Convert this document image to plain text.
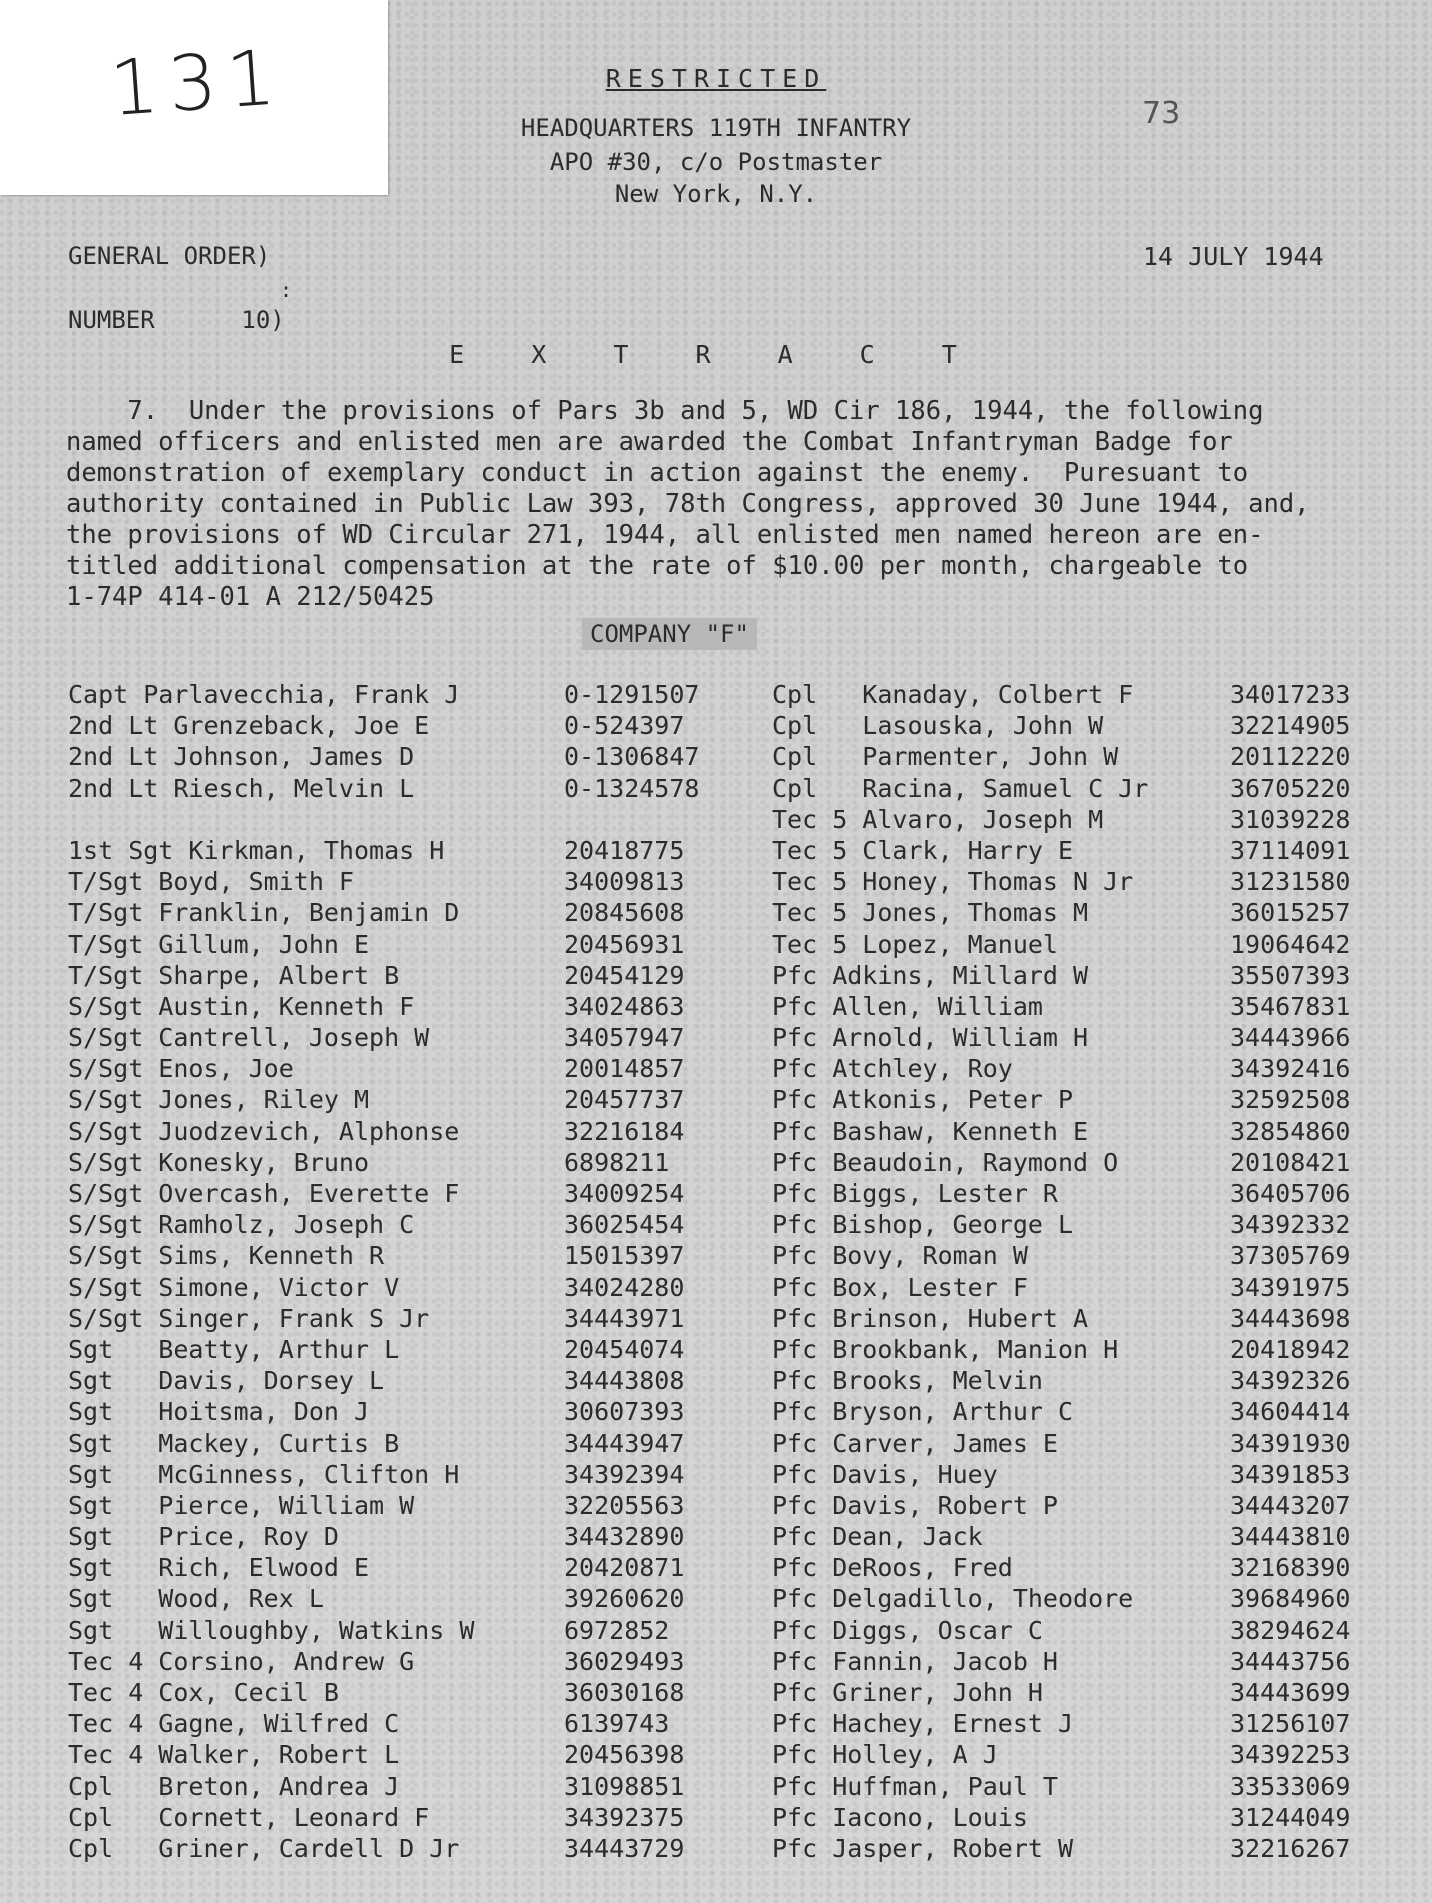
131	73
RESTRICTED
HEADQUARTERS 119TH INFANTRY
APO #30, c/o Postmaster
New York, N.Y.
GENERAL ORDER)
:
NUMBER      10)
14 JULY 1944
E X T R A C T
7.  Under the provisions of Pars 3b and 5, WD Cir 186, 1944, the following
named officers and enlisted men are awarded the Combat Infantryman Badge for
demonstration of exemplary conduct in action against the enemy.  Puresuant to
authority contained in Public Law 393, 78th Congress, approved 30 June 1944, and,
the provisions of WD Circular 271, 1944, all enlisted men named hereon are en-
titled additional compensation at the rate of $10.00 per month, chargeable to
1-74P 414-01 A 212/50425
COMPANY "F"
Capt Parlavecchia, Frank J	0-1291507
2nd Lt Grenzeback, Joe E	0-524397
2nd Lt Johnson, James D	0-1306847
2nd Lt Riesch, Melvin L	0-1324578
1st Sgt Kirkman, Thomas H	20418775
T/Sgt Boyd, Smith F	34009813
T/Sgt Franklin, Benjamin D	20845608
T/Sgt Gillum, John E	20456931
T/Sgt Sharpe, Albert B	20454129
S/Sgt Austin, Kenneth F	34024863
S/Sgt Cantrell, Joseph W	34057947
S/Sgt Enos, Joe	20014857
S/Sgt Jones, Riley M	20457737
S/Sgt Juodzevich, Alphonse	32216184
S/Sgt Konesky, Bruno	6898211
S/Sgt Overcash, Everette F	34009254
S/Sgt Ramholz, Joseph C	36025454
S/Sgt Sims, Kenneth R	15015397
S/Sgt Simone, Victor V	34024280
S/Sgt Singer, Frank S Jr	34443971
Sgt   Beatty, Arthur L	20454074
Sgt   Davis, Dorsey L	34443808
Sgt   Hoitsma, Don J	30607393
Sgt   Mackey, Curtis B	34443947
Sgt   McGinness, Clifton H	34392394
Sgt   Pierce, William W	32205563
Sgt   Price, Roy D	34432890
Sgt   Rich, Elwood E	20420871
Sgt   Wood, Rex L	39260620
Sgt   Willoughby, Watkins W	6972852
Tec 4 Corsino, Andrew G	36029493
Tec 4 Cox, Cecil B	36030168
Tec 4 Gagne, Wilfred C	6139743
Tec 4 Walker, Robert L	20456398
Cpl   Breton, Andrea J	31098851
Cpl   Cornett, Leonard F	34392375
Cpl   Griner, Cardell D Jr	34443729
Cpl   Kanaday, Colbert F	34017233
Cpl   Lasouska, John W	32214905
Cpl   Parmenter, John W	20112220
Cpl   Racina, Samuel C Jr	36705220
Tec 5 Alvaro, Joseph M	31039228
Tec 5 Clark, Harry E	37114091
Tec 5 Honey, Thomas N Jr	31231580
Tec 5 Jones, Thomas M	36015257
Tec 5 Lopez, Manuel	19064642
Pfc Adkins, Millard W	35507393
Pfc Allen, William	35467831
Pfc Arnold, William H	34443966
Pfc Atchley, Roy	34392416
Pfc Atkonis, Peter P	32592508
Pfc Bashaw, Kenneth E	32854860
Pfc Beaudoin, Raymond O	20108421
Pfc Biggs, Lester R	36405706
Pfc Bishop, George L	34392332
Pfc Bovy, Roman W	37305769
Pfc Box, Lester F	34391975
Pfc Brinson, Hubert A	34443698
Pfc Brookbank, Manion H	20418942
Pfc Brooks, Melvin	34392326
Pfc Bryson, Arthur C	34604414
Pfc Carver, James E	34391930
Pfc Davis, Huey	34391853
Pfc Davis, Robert P	34443207
Pfc Dean, Jack	34443810
Pfc DeRoos, Fred	32168390
Pfc Delgadillo, Theodore	39684960
Pfc Diggs, Oscar C	38294624
Pfc Fannin, Jacob H	34443756
Pfc Griner, John H	34443699
Pfc Hachey, Ernest J	31256107
Pfc Holley, A J	34392253
Pfc Huffman, Paul T	33533069
Pfc Iacono, Louis	31244049
Pfc Jasper, Robert W	32216267
